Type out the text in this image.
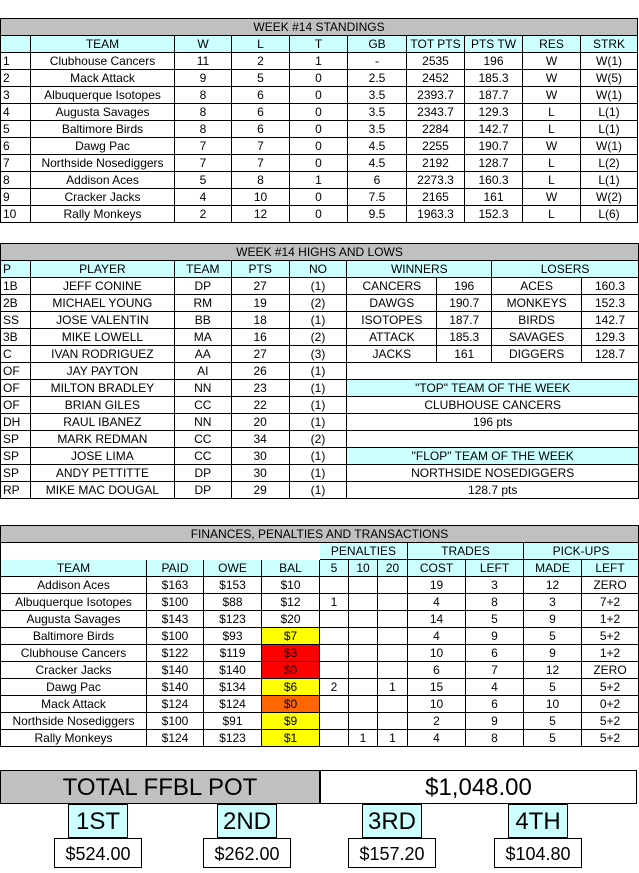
WEEK #14 STANDINGS									
	TEAM	W	L	T	GB	TOT PTS	PTS TW	RES	STRK
1	Clubhouse Cancers	11	2	1	-	2535	196	W	W(1)
2	Mack Attack	9	5	0	2.5	2452	185.3	W	W(5)
3	Albuquerque Isotopes	8	6	0	3.5	2393.7	187.7	W	W(1)
4	Augusta Savages	8	6	0	3.5	2343.7	129.3	L	L(1)
5	Baltimore Birds	8	6	0	3.5	2284	142.7	L	L(1)
6	Dawg Pac	7	7	0	4.5	2255	190.7	W	W(1)
7	Northside Nosediggers	7	7	0	4.5	2192	128.7	L	L(2)
8	Addison Aces	5	8	1	6	2273.3	160.3	L	L(1)
9	Cracker Jacks	4	10	0	7.5	2165	161	W	W(2)
10	Rally Monkeys	2	12	0	9.5	1963.3	152.3	L	L(6)
WEEK #14 HIGHS AND LOWS								
P	PLAYER	TEAM	PTS	NO	WINNERS		LOSERS	
1B	JEFF CONINE	DP	27	(1)	CANCERS	196	ACES	160.3
2B	MICHAEL YOUNG	RM	19	(2)	DAWGS	190.7	MONKEYS	152.3
SS	JOSE VALENTIN	BB	18	(1)	ISOTOPES	187.7	BIRDS	142.7
3B	MIKE LOWELL	MA	16	(2)	ATTACK	185.3	SAVAGES	129.3
C	IVAN RODRIGUEZ	AA	27	(3)	JACKS	161	DIGGERS	128.7
OF	JAY PAYTON	AI	26	(1)				
OF	MILTON BRADLEY	NN	23	(1)	"TOP" TEAM OF THE WEEK			
OF	BRIAN GILES	CC	22	(1)	CLUBHOUSE CANCERS			
DH	RAUL IBANEZ	NN	20	(1)	196 pts			
SP	MARK REDMAN	CC	34	(2)				
SP	JOSE LIMA	CC	30	(1)	"FLOP" TEAM OF THE WEEK			
SP	ANDY PETTITTE	DP	30	(1)	NORTHSIDE NOSEDIGGERS			
RP	MIKE MAC DOUGAL	DP	29	(1)	128.7 pts			
FINANCES, PENALTIES AND TRANSACTIONS										
				PENALTIES			TRADES		PICK-UPS	
TEAM	PAID	OWE	BAL	5	10	20	COST	LEFT	MADE	LEFT
Addison Aces	$163	$153	$10				19	3	12	ZERO
Albuquerque Isotopes	$100	$88	$12	1			4	8	3	7+2
Augusta Savages	$143	$123	$20				14	5	9	1+2
Baltimore Birds	$100	$93	$7				4	9	5	5+2
Clubhouse Cancers	$122	$119	$3				10	6	9	1+2
Cracker Jacks	$140	$140	$0				6	7	12	ZERO
Dawg Pac	$140	$134	$6	2		1	15	4	5	5+2
Mack Attack	$124	$124	$0				10	6	10	0+2
Northside Nosediggers	$100	$91	$9				2	9	5	5+2
Rally Monkeys	$124	$123	$1		1	1	4	8	5	5+2
TOTAL FFBL POT	$1,048.00
1ST
$524.00
2ND
$262.00
3RD
$157.20
4TH
$104.80
